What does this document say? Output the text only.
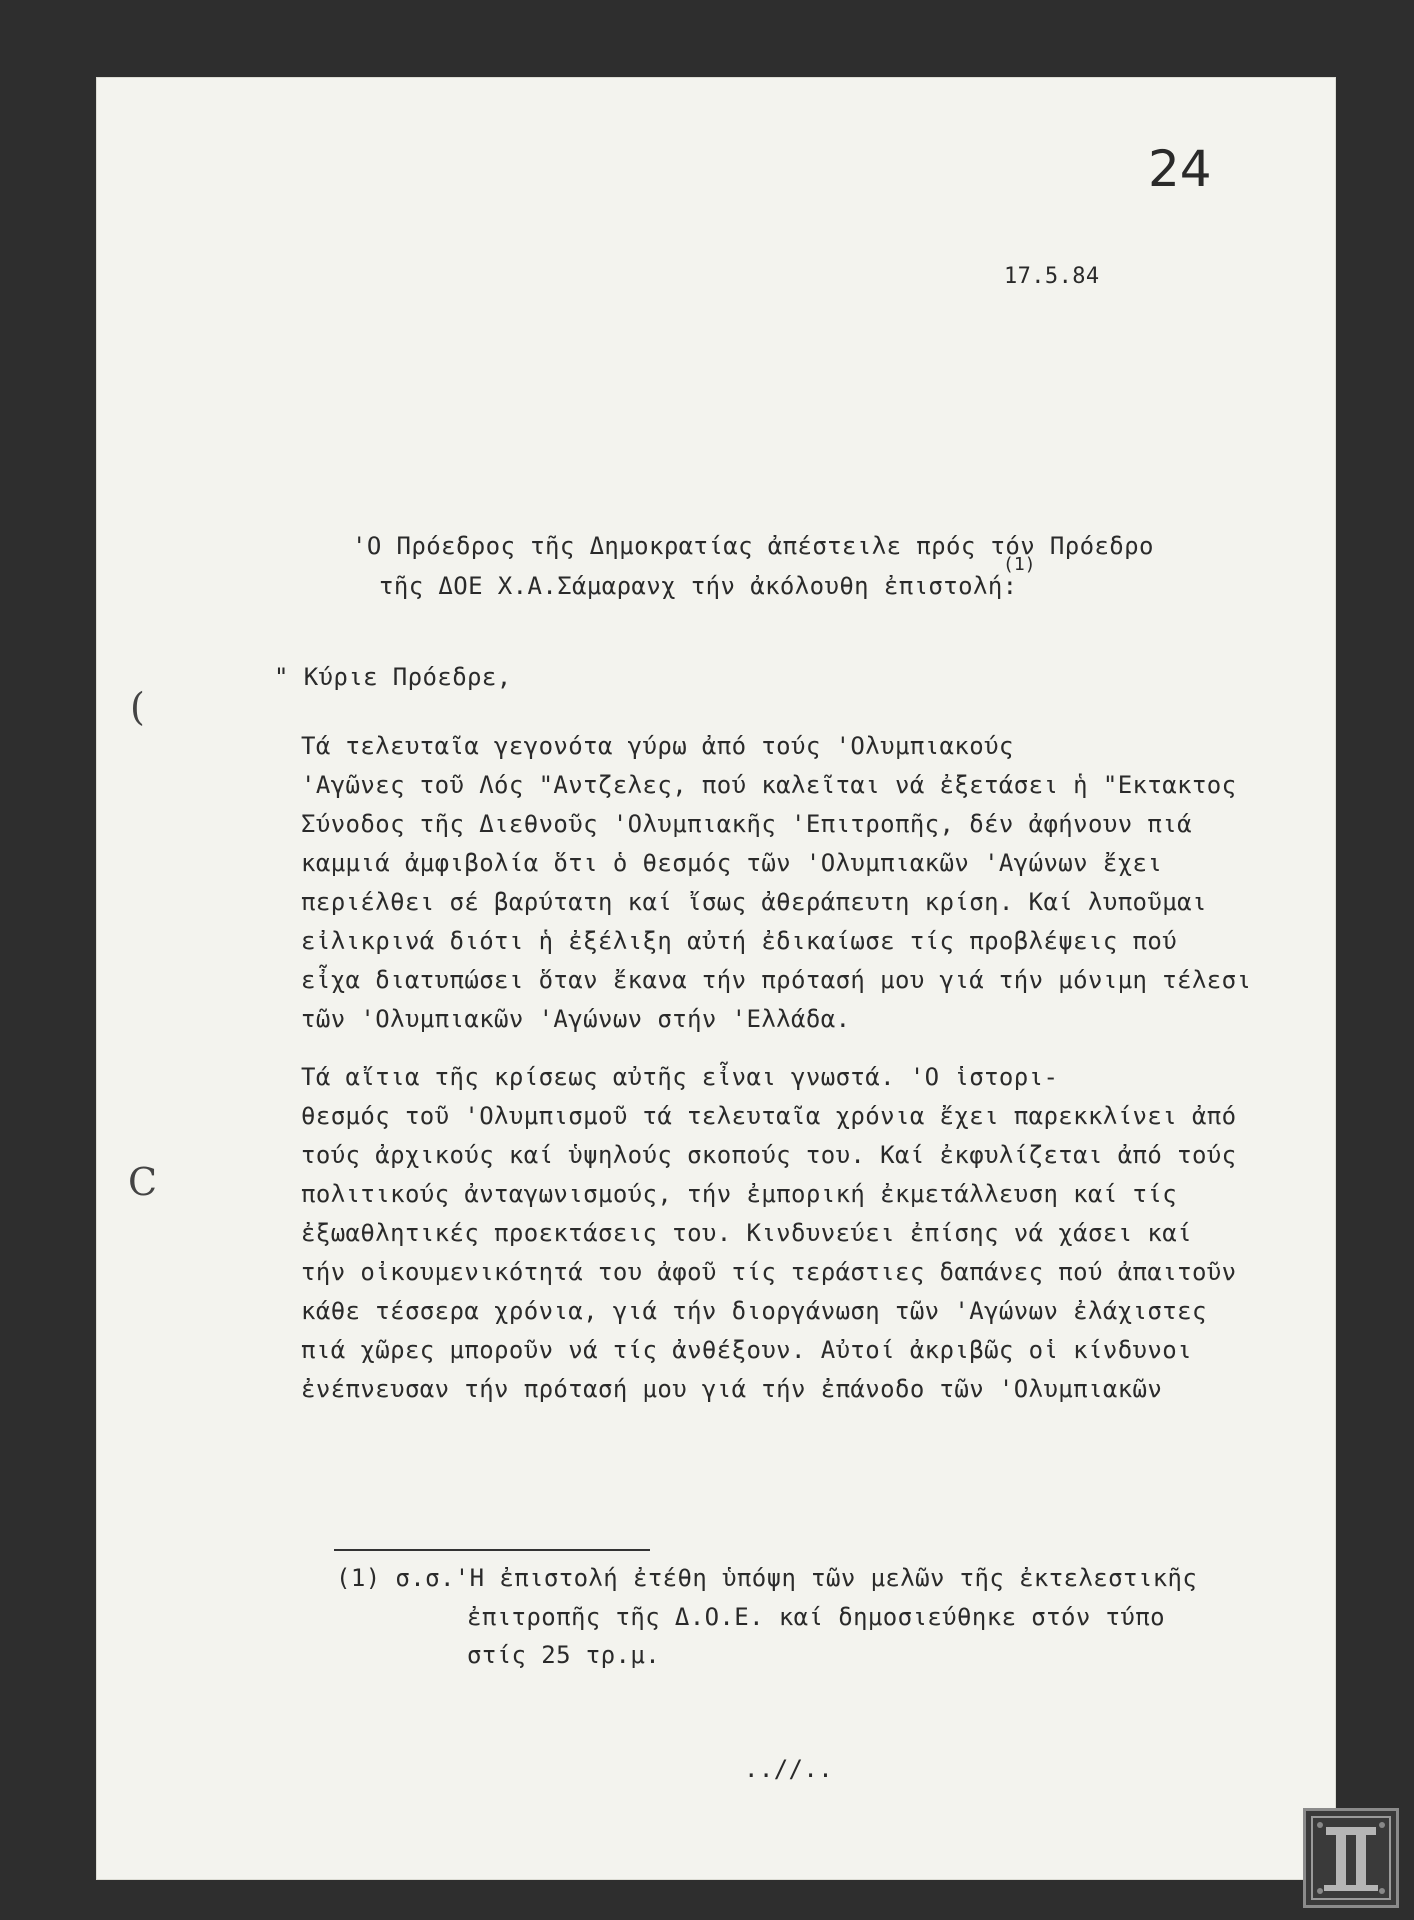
24
17.5.84
'Ο Πρόεδρος τῆς Δημοκρατίας ἀπέστειλε πρός τόν Πρόεδρο
τῆς ΔΟΕ Χ.Α.Σάμαρανχ τήν ἀκόλουθη ἐπιστολή:
(1)
" Κύριε Πρόεδρε,
Τά τελευταῖα γεγονότα γύρω ἀπό τούς 'Ολυμπιακούς
'Αγῶνες τοῦ Λός "Αντζελες, πού καλεῖται νά ἐξετάσει ἡ "Εκτακτος
Σύνοδος τῆς Διεθνοῦς 'Ολυμπιακῆς 'Επιτροπῆς, δέν ἀφήνουν πιά
καμμιά ἀμφιβολία ὅτι ὁ θεσμός τῶν 'Ολυμπιακῶν 'Αγώνων ἔχει
περιέλθει σέ βαρύτατη καί ἴσως ἀθεράπευτη κρίση. Καί λυποῦμαι
εἰλικρινά διότι ἡ ἐξέλιξη αὐτή ἐδικαίωσε τίς προβλέψεις πού
εἶχα διατυπώσει ὅταν ἔκανα τήν πρότασή μου γιά τήν μόνιμη τέλεσι
τῶν 'Ολυμπιακῶν 'Αγώνων στήν 'Ελλάδα.
Τά αἴτια τῆς κρίσεως αὐτῆς εἶναι γνωστά. 'Ο ἱστορι-
θεσμός τοῦ 'Ολυμπισμοῦ τά τελευταῖα χρόνια ἔχει παρεκκλίνει ἀπό
τούς ἀρχικούς καί ὑψηλούς σκοπούς του. Καί ἐκφυλίζεται ἀπό τούς
πολιτικούς ἀνταγωνισμούς, τήν ἐμπορική ἐκμετάλλευση καί τίς
ἐξωαθλητικές προεκτάσεις του. Κινδυνεύει ἐπίσης νά χάσει καί
τήν οἰκουμενικότητά του ἀφοῦ τίς τεράστιες δαπάνες πού ἀπαιτοῦν
κάθε τέσσερα χρόνια, γιά τήν διοργάνωση τῶν 'Αγώνων ἐλάχιστες
πιά χῶρες μποροῦν νά τίς ἀνθέξουν. Αὐτοί ἀκριβῶς οἱ κίνδυνοι
ἐνέπνευσαν τήν πρότασή μου γιά τήν ἐπάνοδο τῶν 'Ολυμπιακῶν
(1) σ.σ.'Η ἐπιστολή ἐτέθη ὑπόψη τῶν μελῶν τῆς ἐκτελεστικῆς
ἐπιτροπῆς τῆς Δ.Ο.Ε. καί δημοσιεύθηκε στόν τύπο
στίς 25 τρ.μ.
..//..
(
C
